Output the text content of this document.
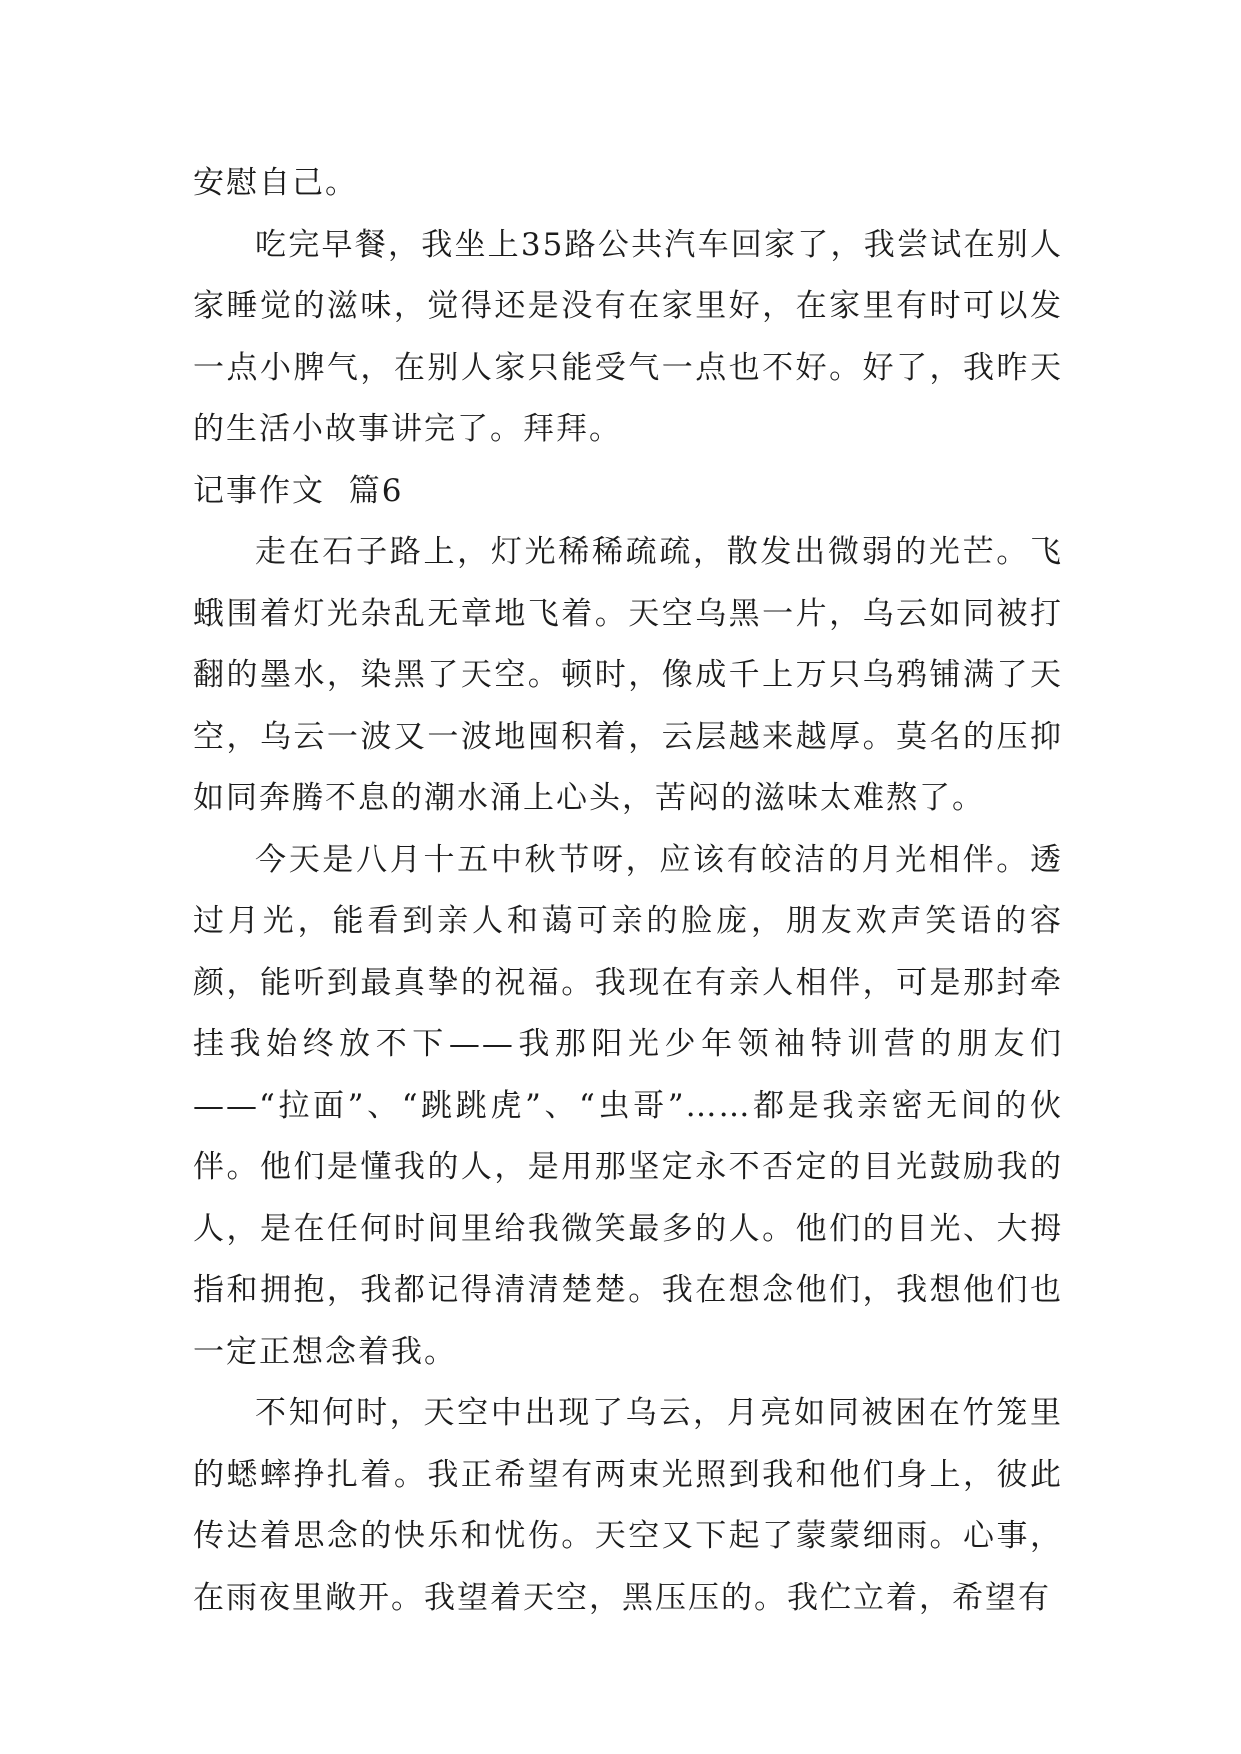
安慰自己。

吃完早餐，我坐上35路公共汽车回家了，我尝试在别人家睡觉的滋味，觉得还是没有在家里好，在家里有时可以发一点小脾气，在别人家只能受气一点也不好。好了，我昨天的生活小故事讲完了。拜拜。

记事作文  篇6

走在石子路上，灯光稀稀疏疏，散发出微弱的光芒。飞蛾围着灯光杂乱无章地飞着。天空乌黑一片，乌云如同被打翻的墨水，染黑了天空。顿时，像成千上万只乌鸦铺满了天空，乌云一波又一波地囤积着，云层越来越厚。莫名的压抑如同奔腾不息的潮水涌上心头，苦闷的滋味太难熬了。

今天是八月十五中秋节呀，应该有皎洁的月光相伴。透过月光，能看到亲人和蔼可亲的脸庞，朋友欢声笑语的容颜，能听到最真挚的祝福。我现在有亲人相伴，可是那封牵挂我始终放不下——我那阳光少年领袖特训营的朋友们——“拉面”、“跳跳虎”、“虫哥”……都是我亲密无间的伙伴。他们是懂我的人，是用那坚定永不否定的目光鼓励我的人，是在任何时间里给我微笑最多的人。他们的目光、大拇指和拥抱，我都记得清清楚楚。我在想念他们，我想他们也一定正想念着我。

不知何时，天空中出现了乌云，月亮如同被困在竹笼里的蟋蟀挣扎着。我正希望有两束光照到我和他们身上，彼此传达着思念的快乐和忧伤。天空又下起了蒙蒙细雨。心事，在雨夜里敞开。我望着天空，黑压压的。我伫立着，希望有
